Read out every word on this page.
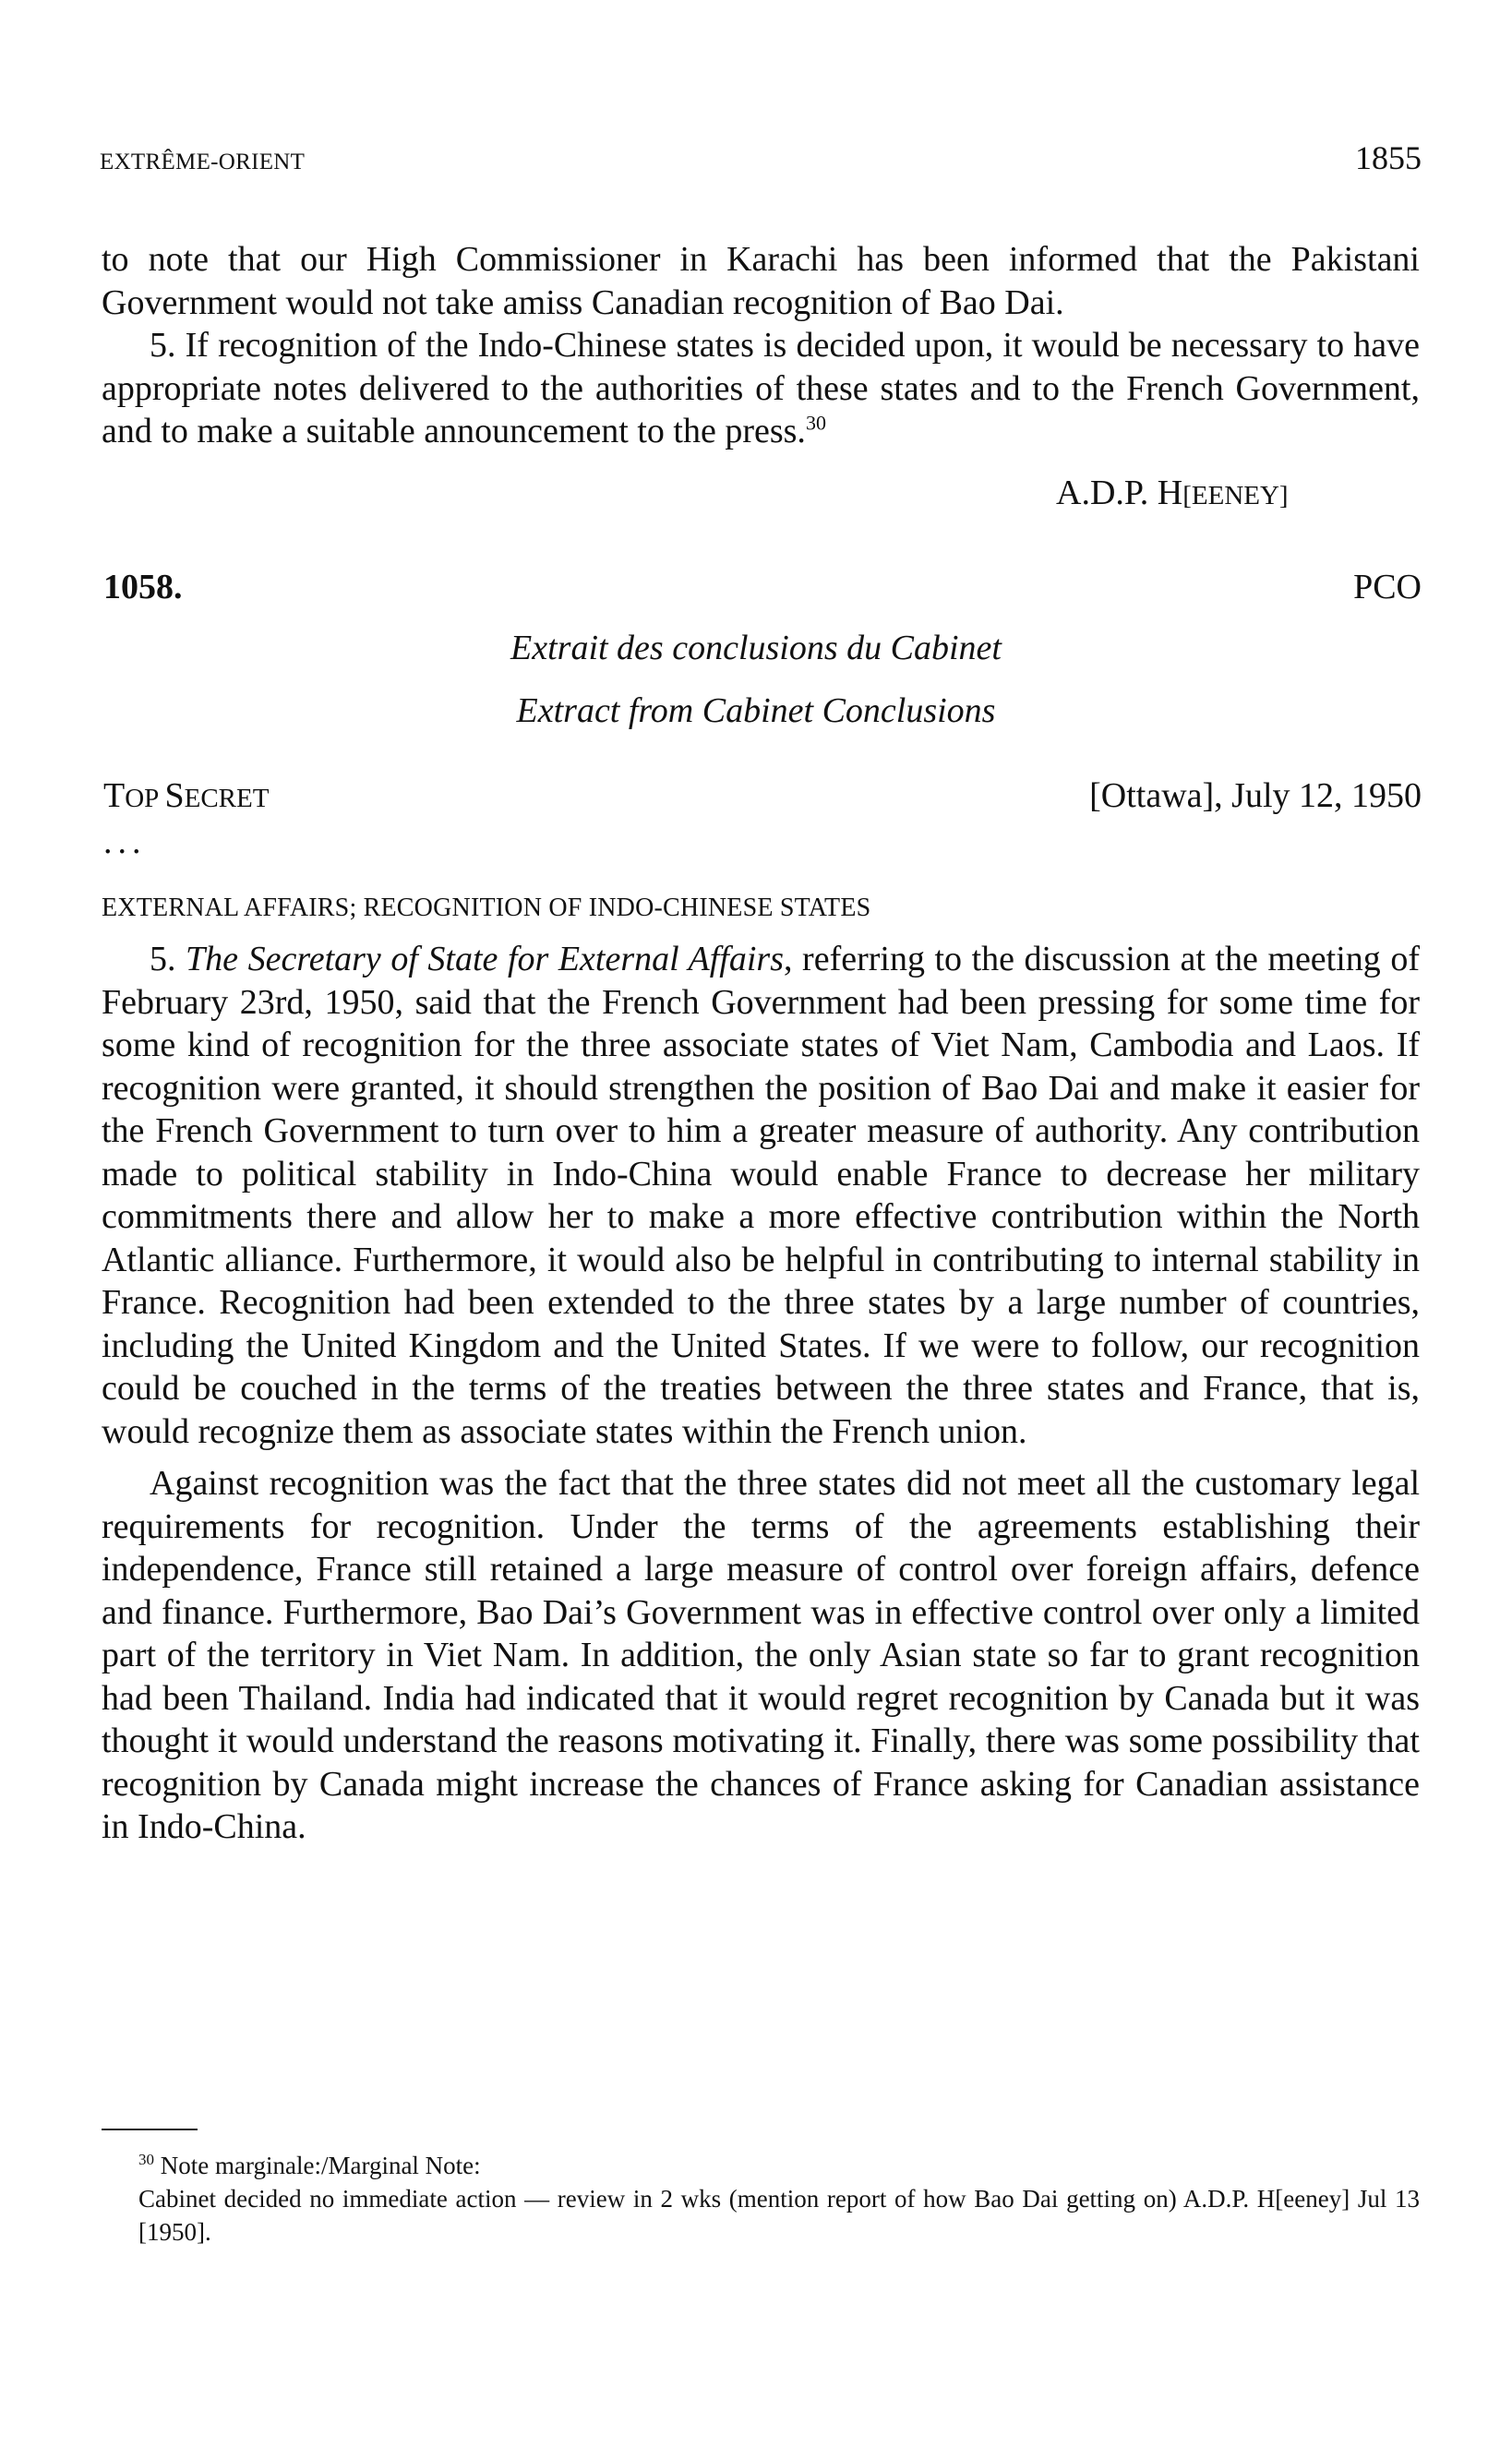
EXTRÊME-ORIENT	1855

to note that our High Commissioner in Karachi has been informed that the Pakistani Government would not take amiss Canadian recognition of Bao Dai.

5. If recognition of the Indo-Chinese states is decided upon, it would be necessary to have appropriate notes delivered to the authorities of these states and to the French Government, and to make a suitable announcement to the press.$^{30}$

A.D.P. H[EENEY]
1058.	PCO
Extrait des conclusions du Cabinet
Extract from Cabinet Conclusions
TOP SECRET	[Ottawa], July 12, 1950
...
EXTERNAL AFFAIRS; RECOGNITION OF INDO-CHINESE STATES

5. The Secretary of State for External Affairs, referring to the discussion at the meeting of February 23rd, 1950, said that the French Government had been pressing for some time for some kind of recognition for the three associate states of Viet Nam, Cambodia and Laos. If recognition were granted, it should strengthen the position of Bao Dai and make it easier for the French Government to turn over to him a greater measure of authority. Any contribution made to political stability in Indo-China would enable France to decrease her military commitments there and allow her to make a more effective contribution within the North Atlantic alliance. Furthermore, it would also be helpful in contributing to internal stability in France. Recognition had been extended to the three states by a large number of countries, including the United Kingdom and the United States. If we were to follow, our recognition could be couched in the terms of the treaties between the three states and France, that is, would recognize them as associate states within the French union.

Against recognition was the fact that the three states did not meet all the customary legal requirements for recognition. Under the terms of the agreements establishing their independence, France still retained a large measure of control over foreign affairs, defence and finance. Furthermore, Bao Dai’s Government was in effective control over only a limited part of the territory in Viet Nam. In addition, the only Asian state so far to grant recognition had been Thailand. India had indicated that it would regret recognition by Canada but it was thought it would understand the reasons motivating it. Finally, there was some possibility that recognition by Canada might increase the chances of France asking for Canadian assistance in Indo-China.

$^{30}$ Note marginale:/Marginal Note:

Cabinet decided no immediate action — review in 2 wks (mention report of how Bao Dai getting on) A.D.P. H[eeney] Jul 13 [1950].
